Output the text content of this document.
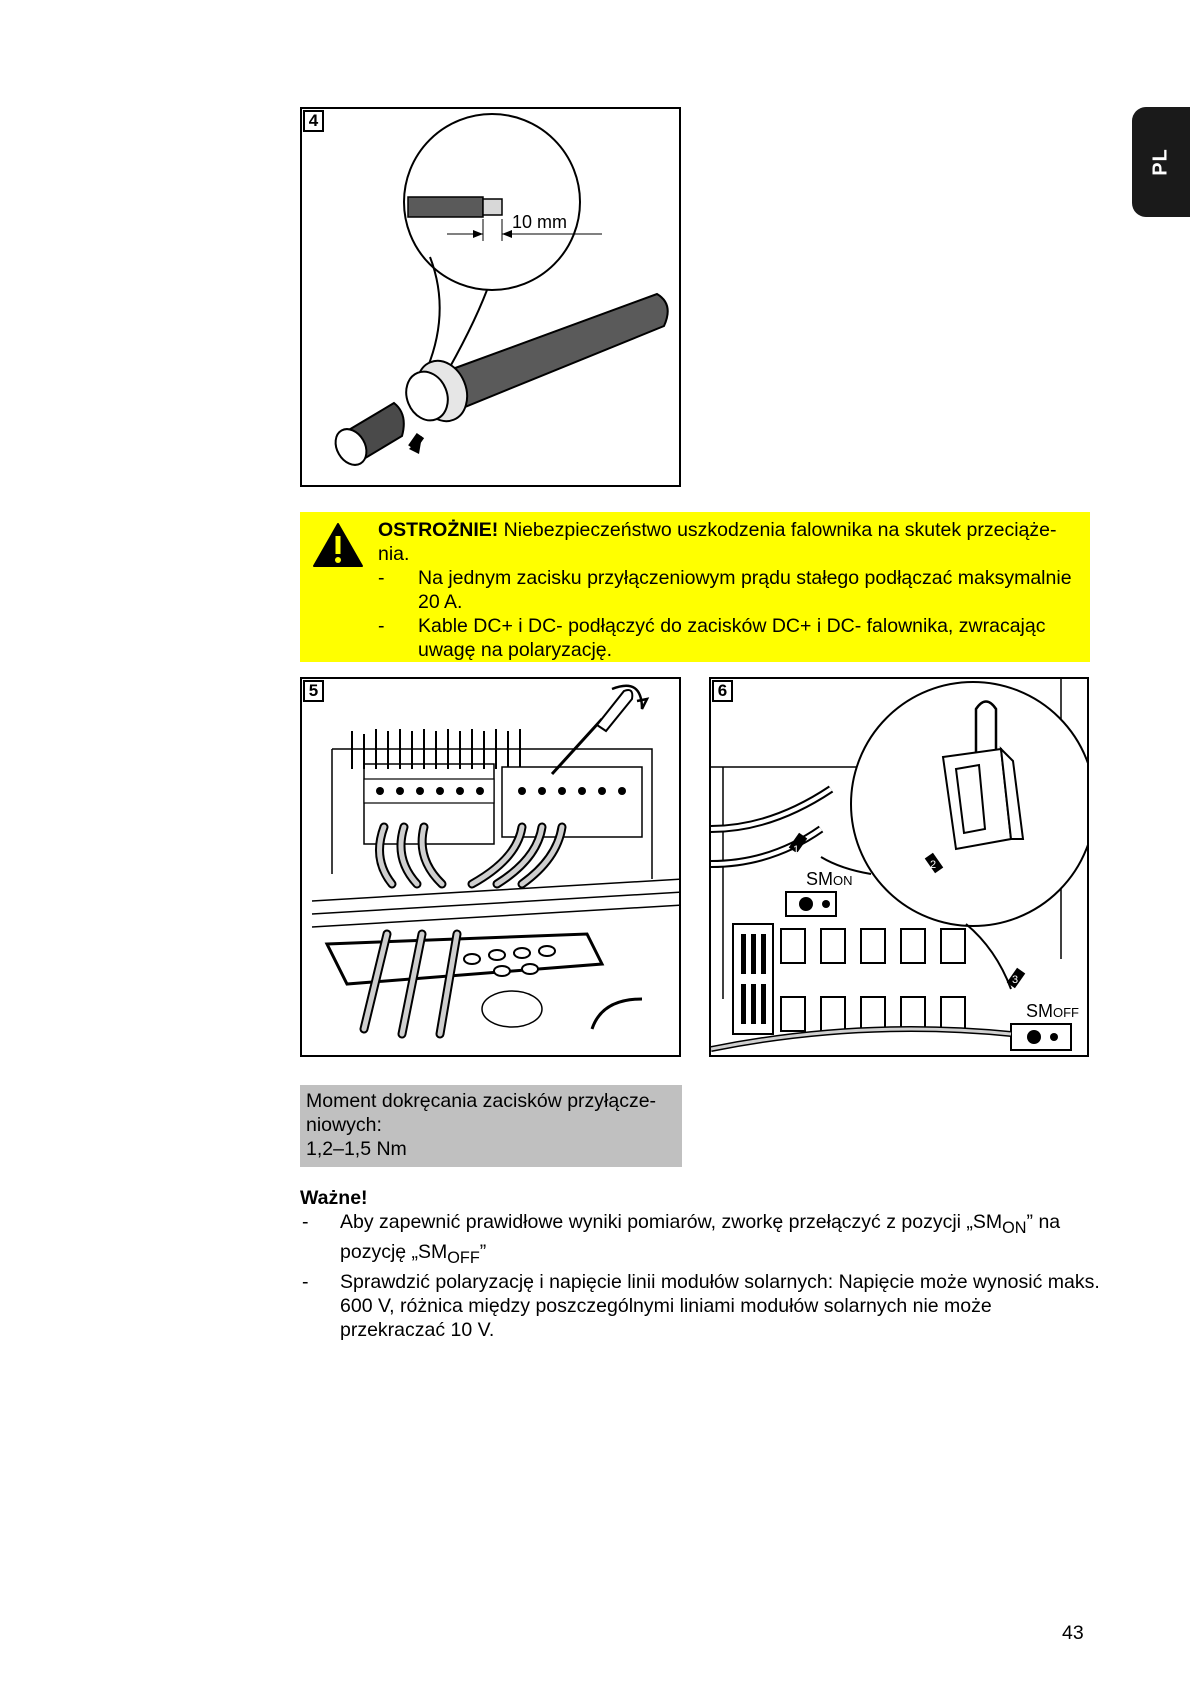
PL
4
10 mm
OSTROŻNIE! Niebezpieczeństwo uszkodzenia falownika na skutek przeciąże-nia.
- Na jednym zacisku przyłączeniowym prądu stałego podłączać maksymalnie 20 A.
- Kable DC+ i DC- podłączyć do zacisków DC+ i DC- falownika, zwracając uwagę na polaryzację.
5	6
1
2
3
SMON
SMOFF
Moment dokręcania zacisków przyłącze-
niowych:
1,2–1,5 Nm
Ważne!
- Aby zapewnić prawidłowe wyniki pomiarów, zworkę przełączyć z pozycji $„SM_{ON}$” na pozycję $„SM_{OFF}$”
- Sprawdzić polaryzację i napięcie linii modułów solarnych: Napięcie może wynosić maks. 600 V, różnica między poszczególnymi liniami modułów solarnych nie może przekraczać 10 V.
43
